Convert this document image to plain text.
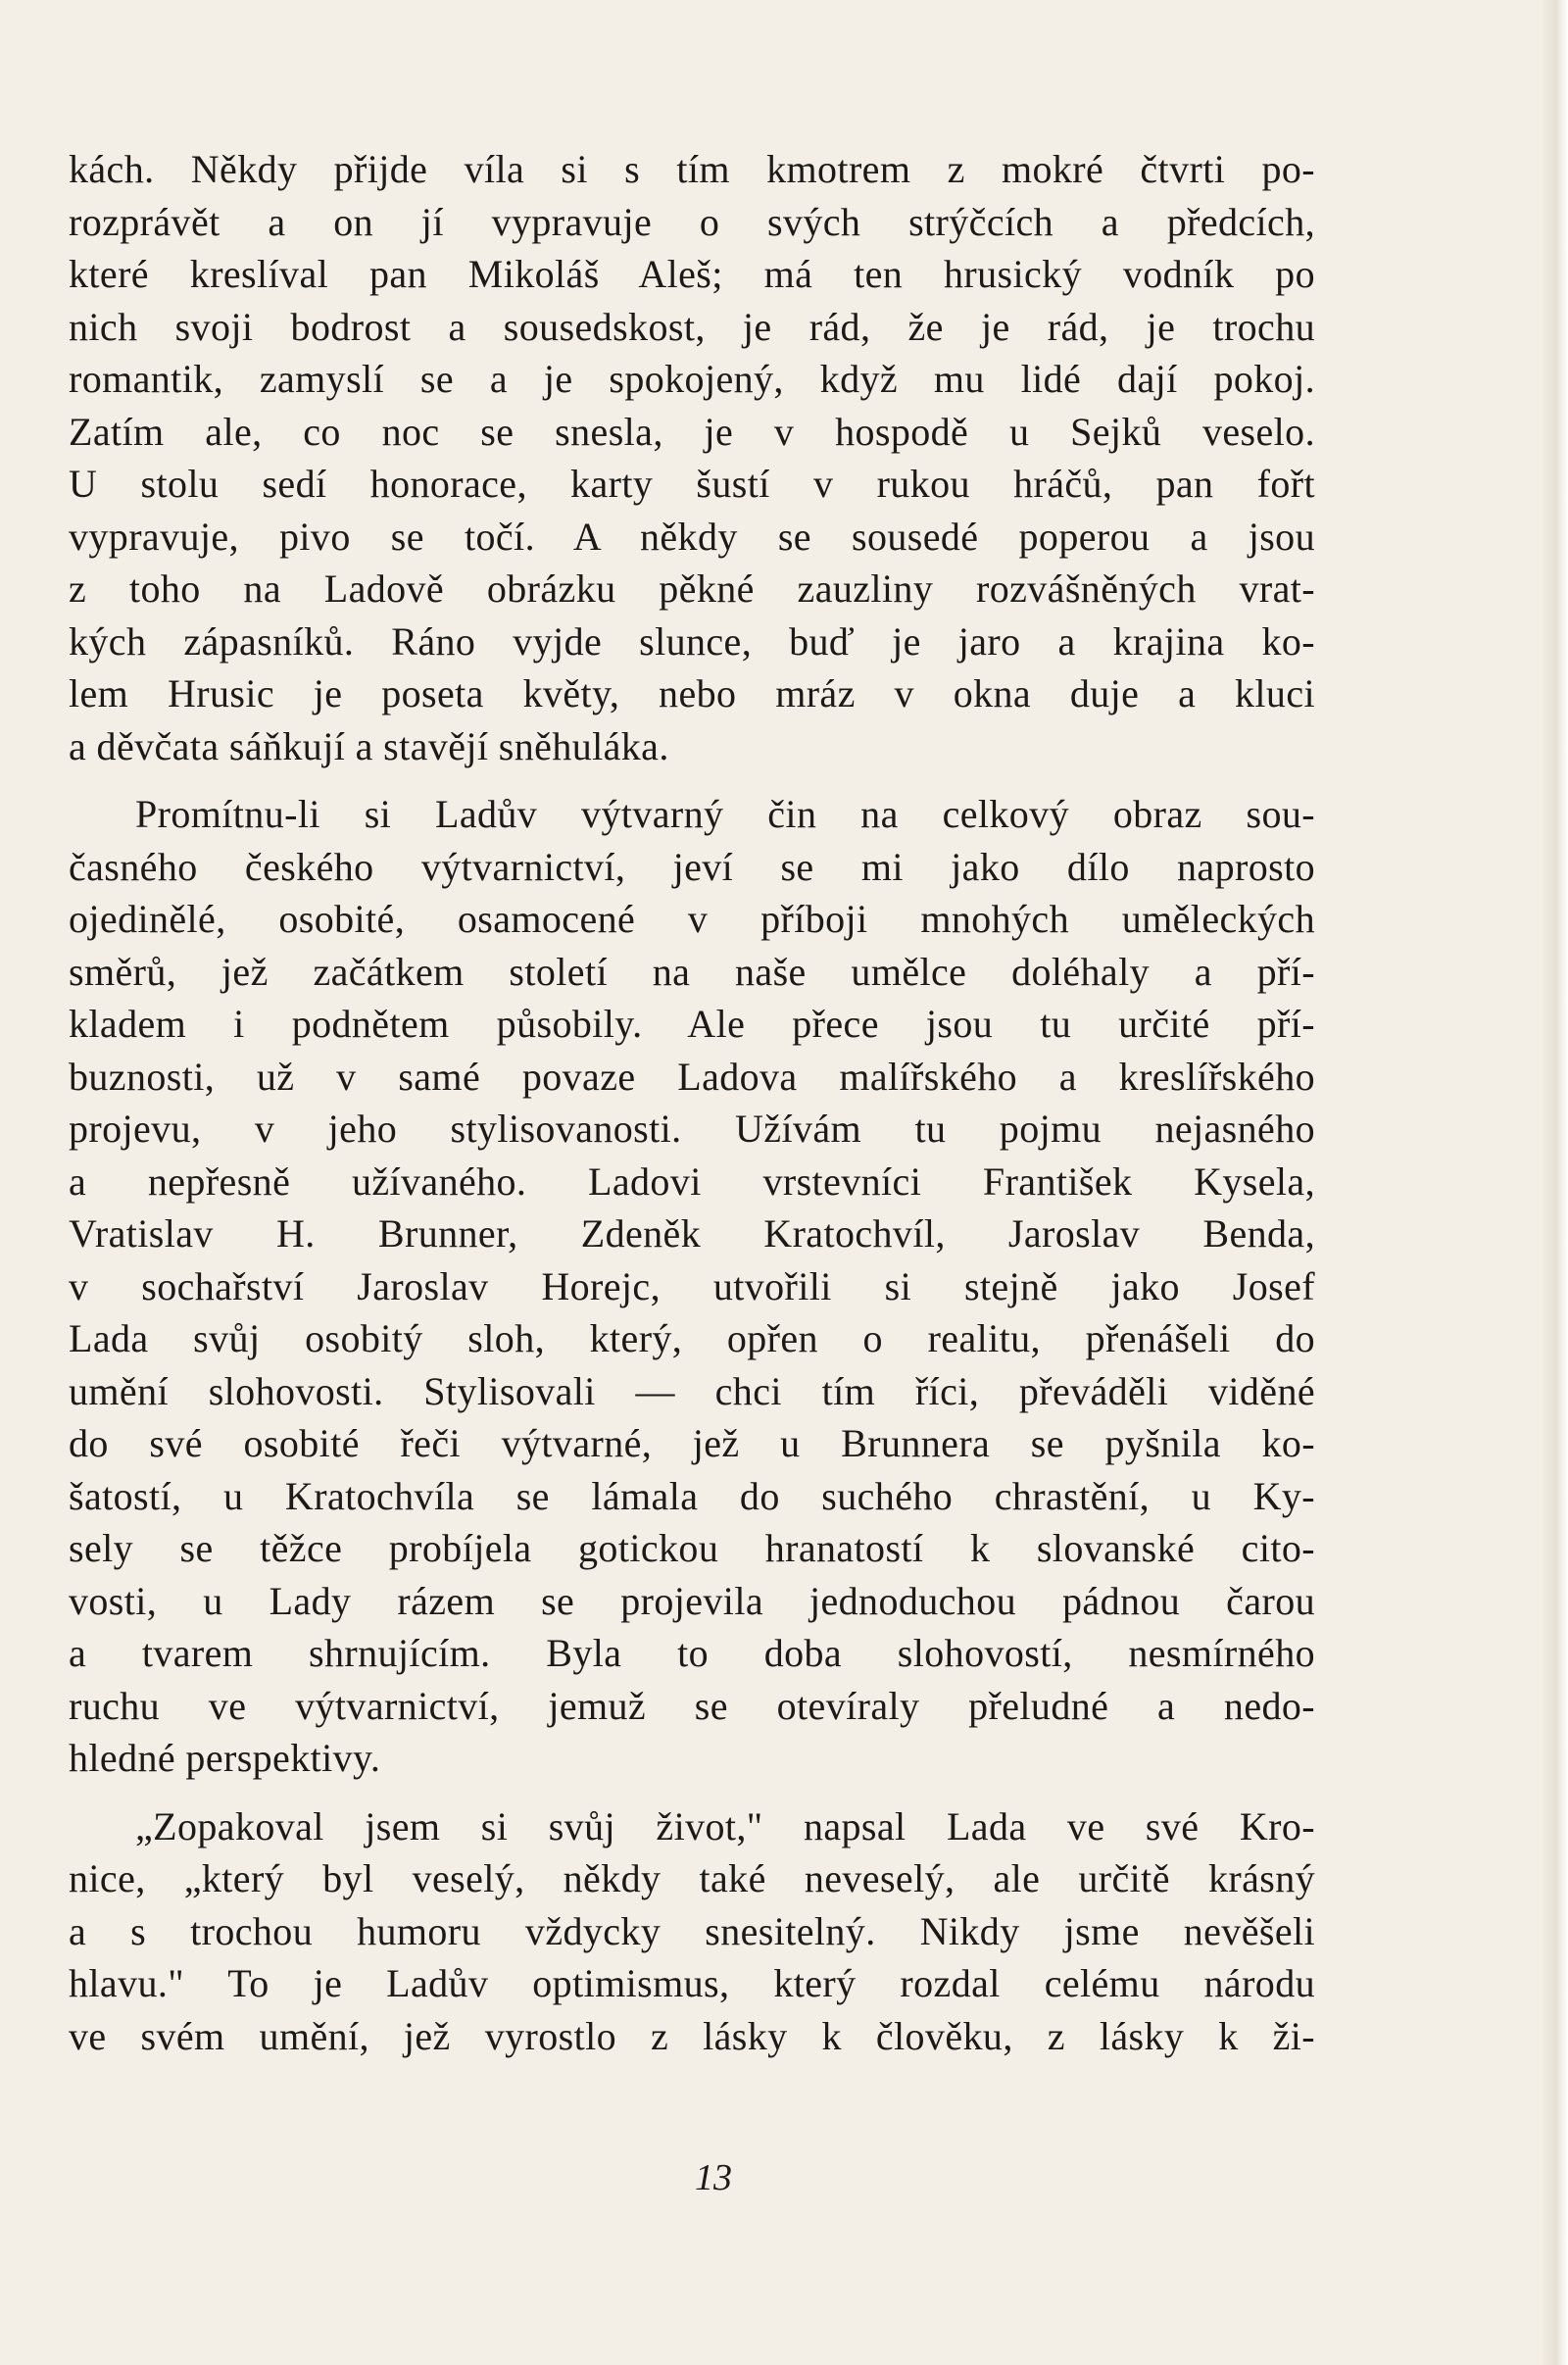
kách. Někdy přijde víla si s tím kmotrem z mokré čtvrti po-
rozprávět a on jí vypravuje o svých strýčcích a předcích,
které kreslíval pan Mikoláš Aleš; má ten hrusický vodník po
nich svoji bodrost a sousedskost, je rád, že je rád, je trochu
romantik, zamyslí se a je spokojený, když mu lidé dají pokoj.
Zatím ale, co noc se snesla, je v hospodě u Sejků veselo.
U stolu sedí honorace, karty šustí v rukou hráčů, pan fořt
vypravuje, pivo se točí. A někdy se sousedé poperou a jsou
z toho na Ladově obrázku pěkné zauzliny rozvášněných vrat-
kých zápasníků. Ráno vyjde slunce, buď je jaro a krajina ko-
lem Hrusic je poseta květy, nebo mráz v okna duje a kluci
a děvčata sáňkují a stavějí sněhuláka.
Promítnu-li si Ladův výtvarný čin na celkový obraz sou-
časného českého výtvarnictví, jeví se mi jako dílo naprosto
ojedinělé, osobité, osamocené v příboji mnohých uměleckých
směrů, jež začátkem století na naše umělce doléhaly a pří-
kladem i podnětem působily. Ale přece jsou tu určité pří-
buznosti, už v samé povaze Ladova malířského a kreslířského
projevu, v jeho stylisovanosti. Užívám tu pojmu nejasného
a nepřesně užívaného. Ladovi vrstevníci František Kysela,
Vratislav H. Brunner, Zdeněk Kratochvíl, Jaroslav Benda,
v sochařství Jaroslav Horejc, utvořili si stejně jako Josef
Lada svůj osobitý sloh, který, opřen o realitu, přenášeli do
umění slohovosti. Stylisovali — chci tím říci, převáděli viděné
do své osobité řeči výtvarné, jež u Brunnera se pyšnila ko-
šatostí, u Kratochvíla se lámala do suchého chrastění, u Ky-
sely se těžce probíjela gotickou hranatostí k slovanské cito-
vosti, u Lady rázem se projevila jednoduchou pádnou čarou
a tvarem shrnujícím. Byla to doba slohovostí, nesmírného
ruchu ve výtvarnictví, jemuž se otevíraly přeludné a nedo-
hledné perspektivy.
„Zopakoval jsem si svůj život," napsal Lada ve své Kro-
nice, „který byl veselý, někdy také neveselý, ale určitě krásný
a s trochou humoru vždycky snesitelný. Nikdy jsme nevěšeli
hlavu." To je Ladův optimismus, který rozdal celému národu
ve svém umění, jež vyrostlo z lásky k člověku, z lásky k ži-
13
